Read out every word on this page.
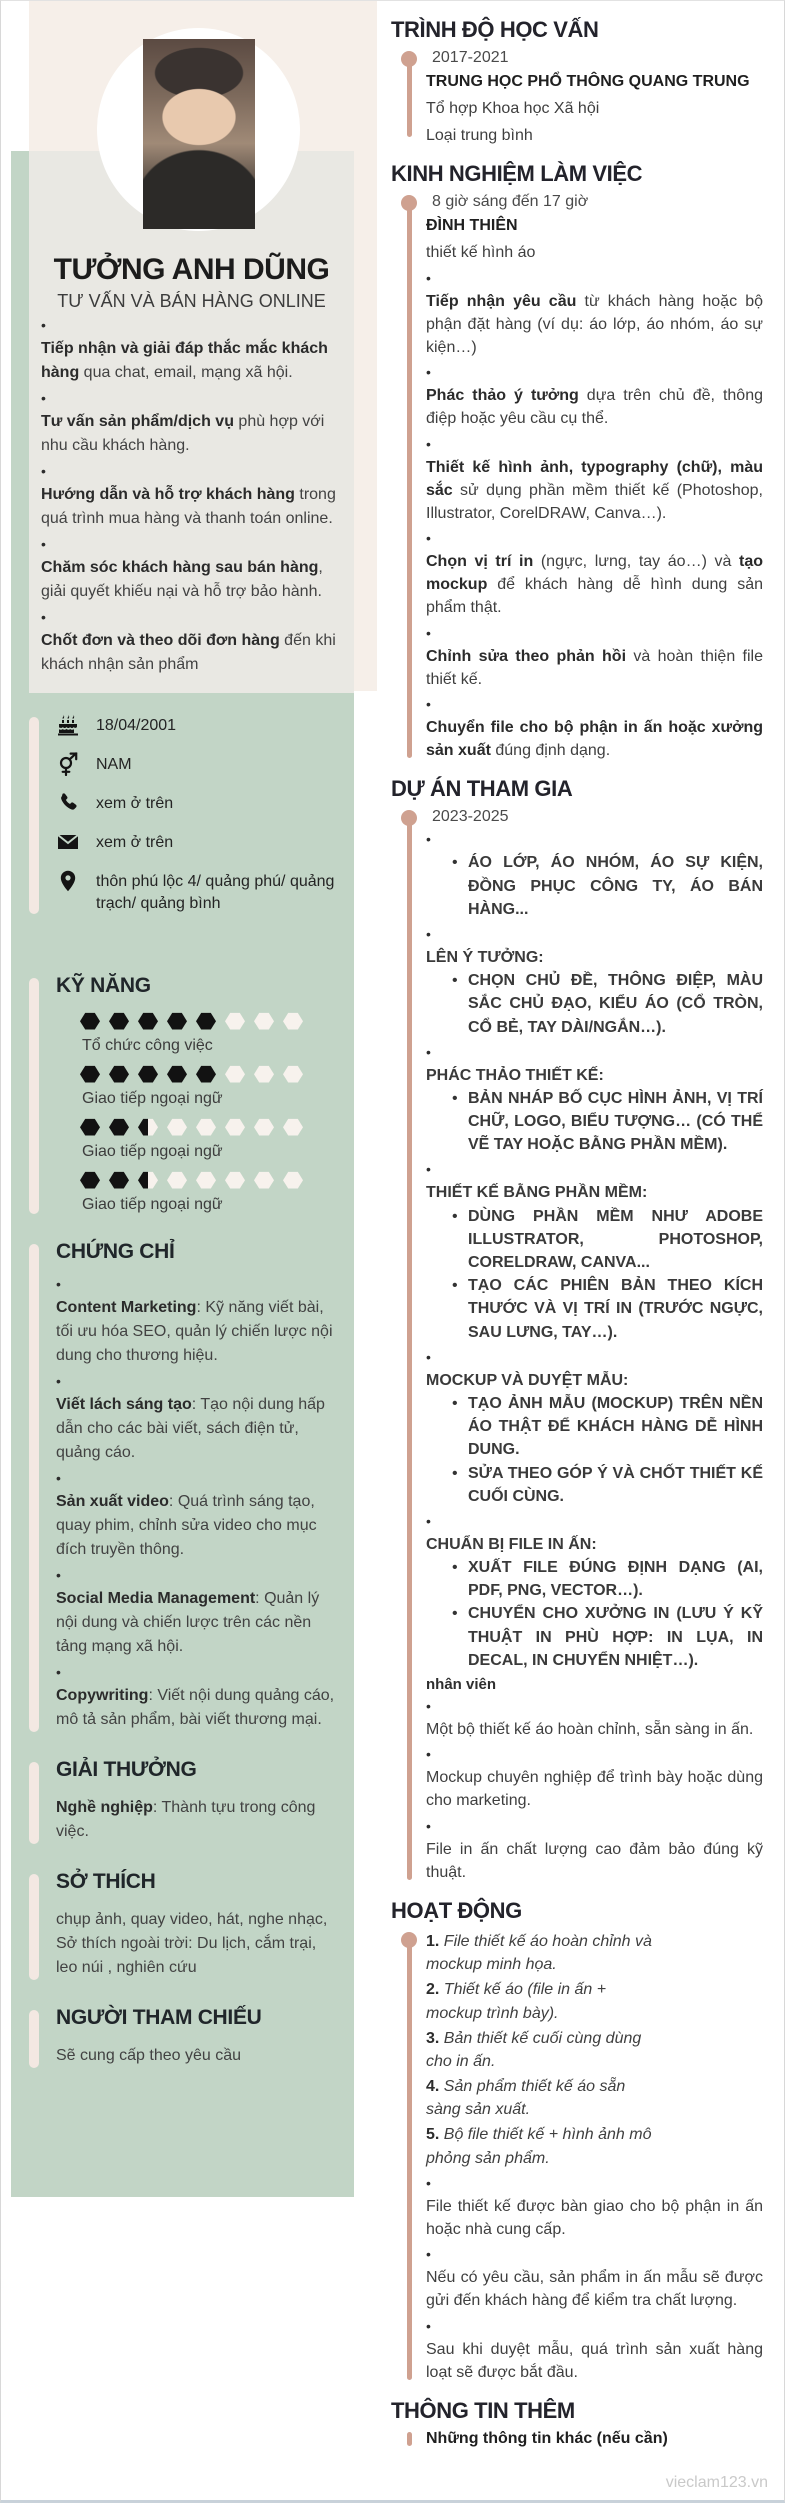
TƯỞNG ANH DŨNG
TƯ VẤN VÀ BÁN HÀNG ONLINE
•

Tiếp nhận và giải đáp thắc mắc khách hàng qua chat, email, mạng xã hội.

•

Tư vấn sản phẩm/dịch vụ phù hợp với nhu cầu khách hàng.

•

Hướng dẫn và hỗ trợ khách hàng trong quá trình mua hàng và thanh toán online.

•

Chăm sóc khách hàng sau bán hàng, giải quyết khiếu nại và hỗ trợ bảo hành.

•

Chốt đơn và theo dõi đơn hàng đến khi khách nhận sản phẩm

18/04/2001
NAM
xem ở trên
xem ở trên
thôn phú lộc 4/ quảng phú/ quảng trạch/ quảng bình
KỸ NĂNG
Tổ chức công việc
Giao tiếp ngoại ngữ
Giao tiếp ngoại ngữ
Giao tiếp ngoại ngữ
CHỨNG CHỈ
•

Content Marketing: Kỹ năng viết bài, tối ưu hóa SEO, quản lý chiến lược nội dung cho thương hiệu.

•

Viết lách sáng tạo: Tạo nội dung hấp dẫn cho các bài viết, sách điện tử, quảng cáo.

•

Sản xuất video: Quá trình sáng tạo, quay phim, chỉnh sửa video cho mục đích truyền thông.

•

Social Media Management: Quản lý nội dung và chiến lược trên các nền tảng mạng xã hội.

•

Copywriting: Viết nội dung quảng cáo, mô tả sản phẩm, bài viết thương mại.

GIẢI THƯỞNG

Nghề nghiệp: Thành tựu trong công việc.

SỞ THÍCH

chụp ảnh, quay video, hát, nghe nhạc, Sở thích ngoài trời: Du lịch, cắm trại, leo núi , nghiên cứu

NGƯỜI THAM CHIẾU

Sẽ cung cấp theo yêu cầu

TRÌNH ĐỘ HỌC VẤN

2017-2021

TRUNG HỌC PHỔ THÔNG QUANG TRUNG

Tổ hợp Khoa học Xã hội

Loại trung bình

KINH NGHIỆM LÀM VIỆC

8 giờ sáng đến 17 giờ

ĐÌNH THIÊN

thiết kế hình áo

•

Tiếp nhận yêu cầu từ khách hàng hoặc bộ phận đặt hàng (ví dụ: áo lớp, áo nhóm, áo sự kiện…)

•

Phác thảo ý tưởng dựa trên chủ đề, thông điệp hoặc yêu cầu cụ thể.

•

Thiết kế hình ảnh, typography (chữ), màu sắc sử dụng phần mềm thiết kế (Photoshop, Illustrator, CorelDRAW, Canva…).

•

Chọn vị trí in (ngực, lưng, tay áo…) và tạo mockup để khách hàng dễ hình dung sản phẩm thật.

•

Chỉnh sửa theo phản hồi và hoàn thiện file thiết kế.

•

Chuyển file cho bộ phận in ấn hoặc xưởng sản xuất đúng định dạng.

DỰ ÁN THAM GIA

2023-2025

•
• ÁO LỚP, ÁO NHÓM, ÁO SỰ KIỆN, ĐỒNG PHỤC CÔNG TY, ÁO BÁN HÀNG...
•

LÊN Ý TƯỞNG:

• CHỌN CHỦ ĐỀ, THÔNG ĐIỆP, MÀU SẮC CHỦ ĐẠO, KIỂU ÁO (CỔ TRÒN, CỔ BẺ, TAY DÀI/NGẮN…).
•

PHÁC THẢO THIẾT KẾ:

• BẢN NHÁP BỐ CỤC HÌNH ẢNH, VỊ TRÍ CHỮ, LOGO, BIỂU TƯỢNG… (CÓ THỂ VẼ TAY HOẶC BẰNG PHẦN MỀM).
•

THIẾT KẾ BẰNG PHẦN MỀM:

• DÙNG PHẦN MỀM NHƯ ADOBE ILLUSTRATOR, PHOTOSHOP, CORELDRAW, CANVA...
• TẠO CÁC PHIÊN BẢN THEO KÍCH THƯỚC VÀ VỊ TRÍ IN (TRƯỚC NGỰC, SAU LƯNG, TAY…).
•

MOCKUP VÀ DUYỆT MẪU:

• TẠO ẢNH MẪU (MOCKUP) TRÊN NỀN ÁO THẬT ĐỂ KHÁCH HÀNG DỄ HÌNH DUNG.
• SỬA THEO GÓP Ý VÀ CHỐT THIẾT KẾ CUỐI CÙNG.
•

CHUẨN BỊ FILE IN ẤN:

• XUẤT FILE ĐÚNG ĐỊNH DẠNG (AI, PDF, PNG, VECTOR…).
• CHUYỂN CHO XƯỞNG IN (LƯU Ý KỸ THUẬT IN PHÙ HỢP: IN LỤA, IN DECAL, IN CHUYỂN NHIỆT…).

nhân viên

•

Một bộ thiết kế áo hoàn chỉnh, sẵn sàng in ấn.

•

Mockup chuyên nghiệp để trình bày hoặc dùng cho marketing.

•

File in ấn chất lượng cao đảm bảo đúng kỹ thuật.

HOẠT ĐỘNG

1. File thiết kế áo hoàn chỉnh và mockup minh họa.

2. Thiết kế áo (file in ấn + mockup trình bày).

3. Bản thiết kế cuối cùng dùng cho in ấn.

4. Sản phẩm thiết kế áo sẵn sàng sản xuất.

5. Bộ file thiết kế + hình ảnh mô phỏng sản phẩm.

•

File thiết kế được bàn giao cho bộ phận in ấn hoặc nhà cung cấp.

•

Nếu có yêu cầu, sản phẩm in ấn mẫu sẽ được gửi đến khách hàng để kiểm tra chất lượng.

•

Sau khi duyệt mẫu, quá trình sản xuất hàng loạt sẽ được bắt đầu.

THÔNG TIN THÊM

Những thông tin khác (nếu cần)

vieclam123.vn
